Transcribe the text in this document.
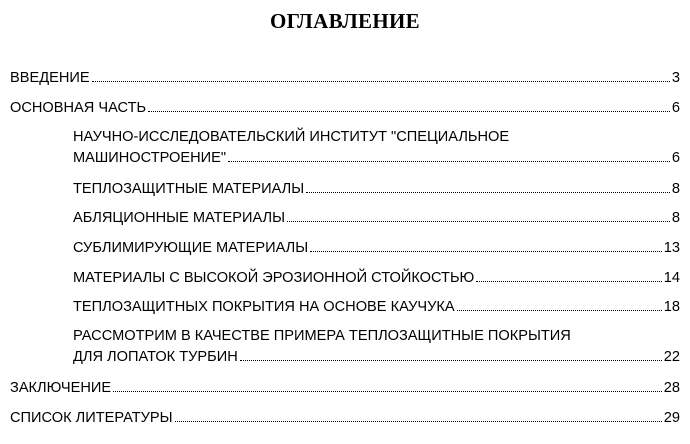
ОГЛАВЛЕНИЕ
ВВЕДЕНИЕ	3
ОСНОВНАЯ ЧАСТЬ	6
НАУЧНО-ИССЛЕДОВАТЕЛЬСКИЙ ИНСТИТУТ "СПЕЦИАЛЬНОЕ
МАШИНОСТРОЕНИЕ"	6
ТЕПЛОЗАЩИТНЫЕ МАТЕРИАЛЫ	8
АБЛЯЦИОННЫЕ МАТЕРИАЛЫ	8
СУБЛИМИРУЮЩИЕ МАТЕРИАЛЫ	13
МАТЕРИАЛЫ С ВЫСОКОЙ ЭРОЗИОННОЙ СТОЙКОСТЬЮ	14
ТЕПЛОЗАЩИТНЫХ ПОКРЫТИЯ НА ОСНОВЕ КАУЧУКА	18
РАССМОТРИМ В КАЧЕСТВЕ ПРИМЕРА ТЕПЛОЗАЩИТНЫЕ ПОКРЫТИЯ
ДЛЯ ЛОПАТОК ТУРБИН	22
ЗАКЛЮЧЕНИЕ	28
СПИСОК ЛИТЕРАТУРЫ	29
